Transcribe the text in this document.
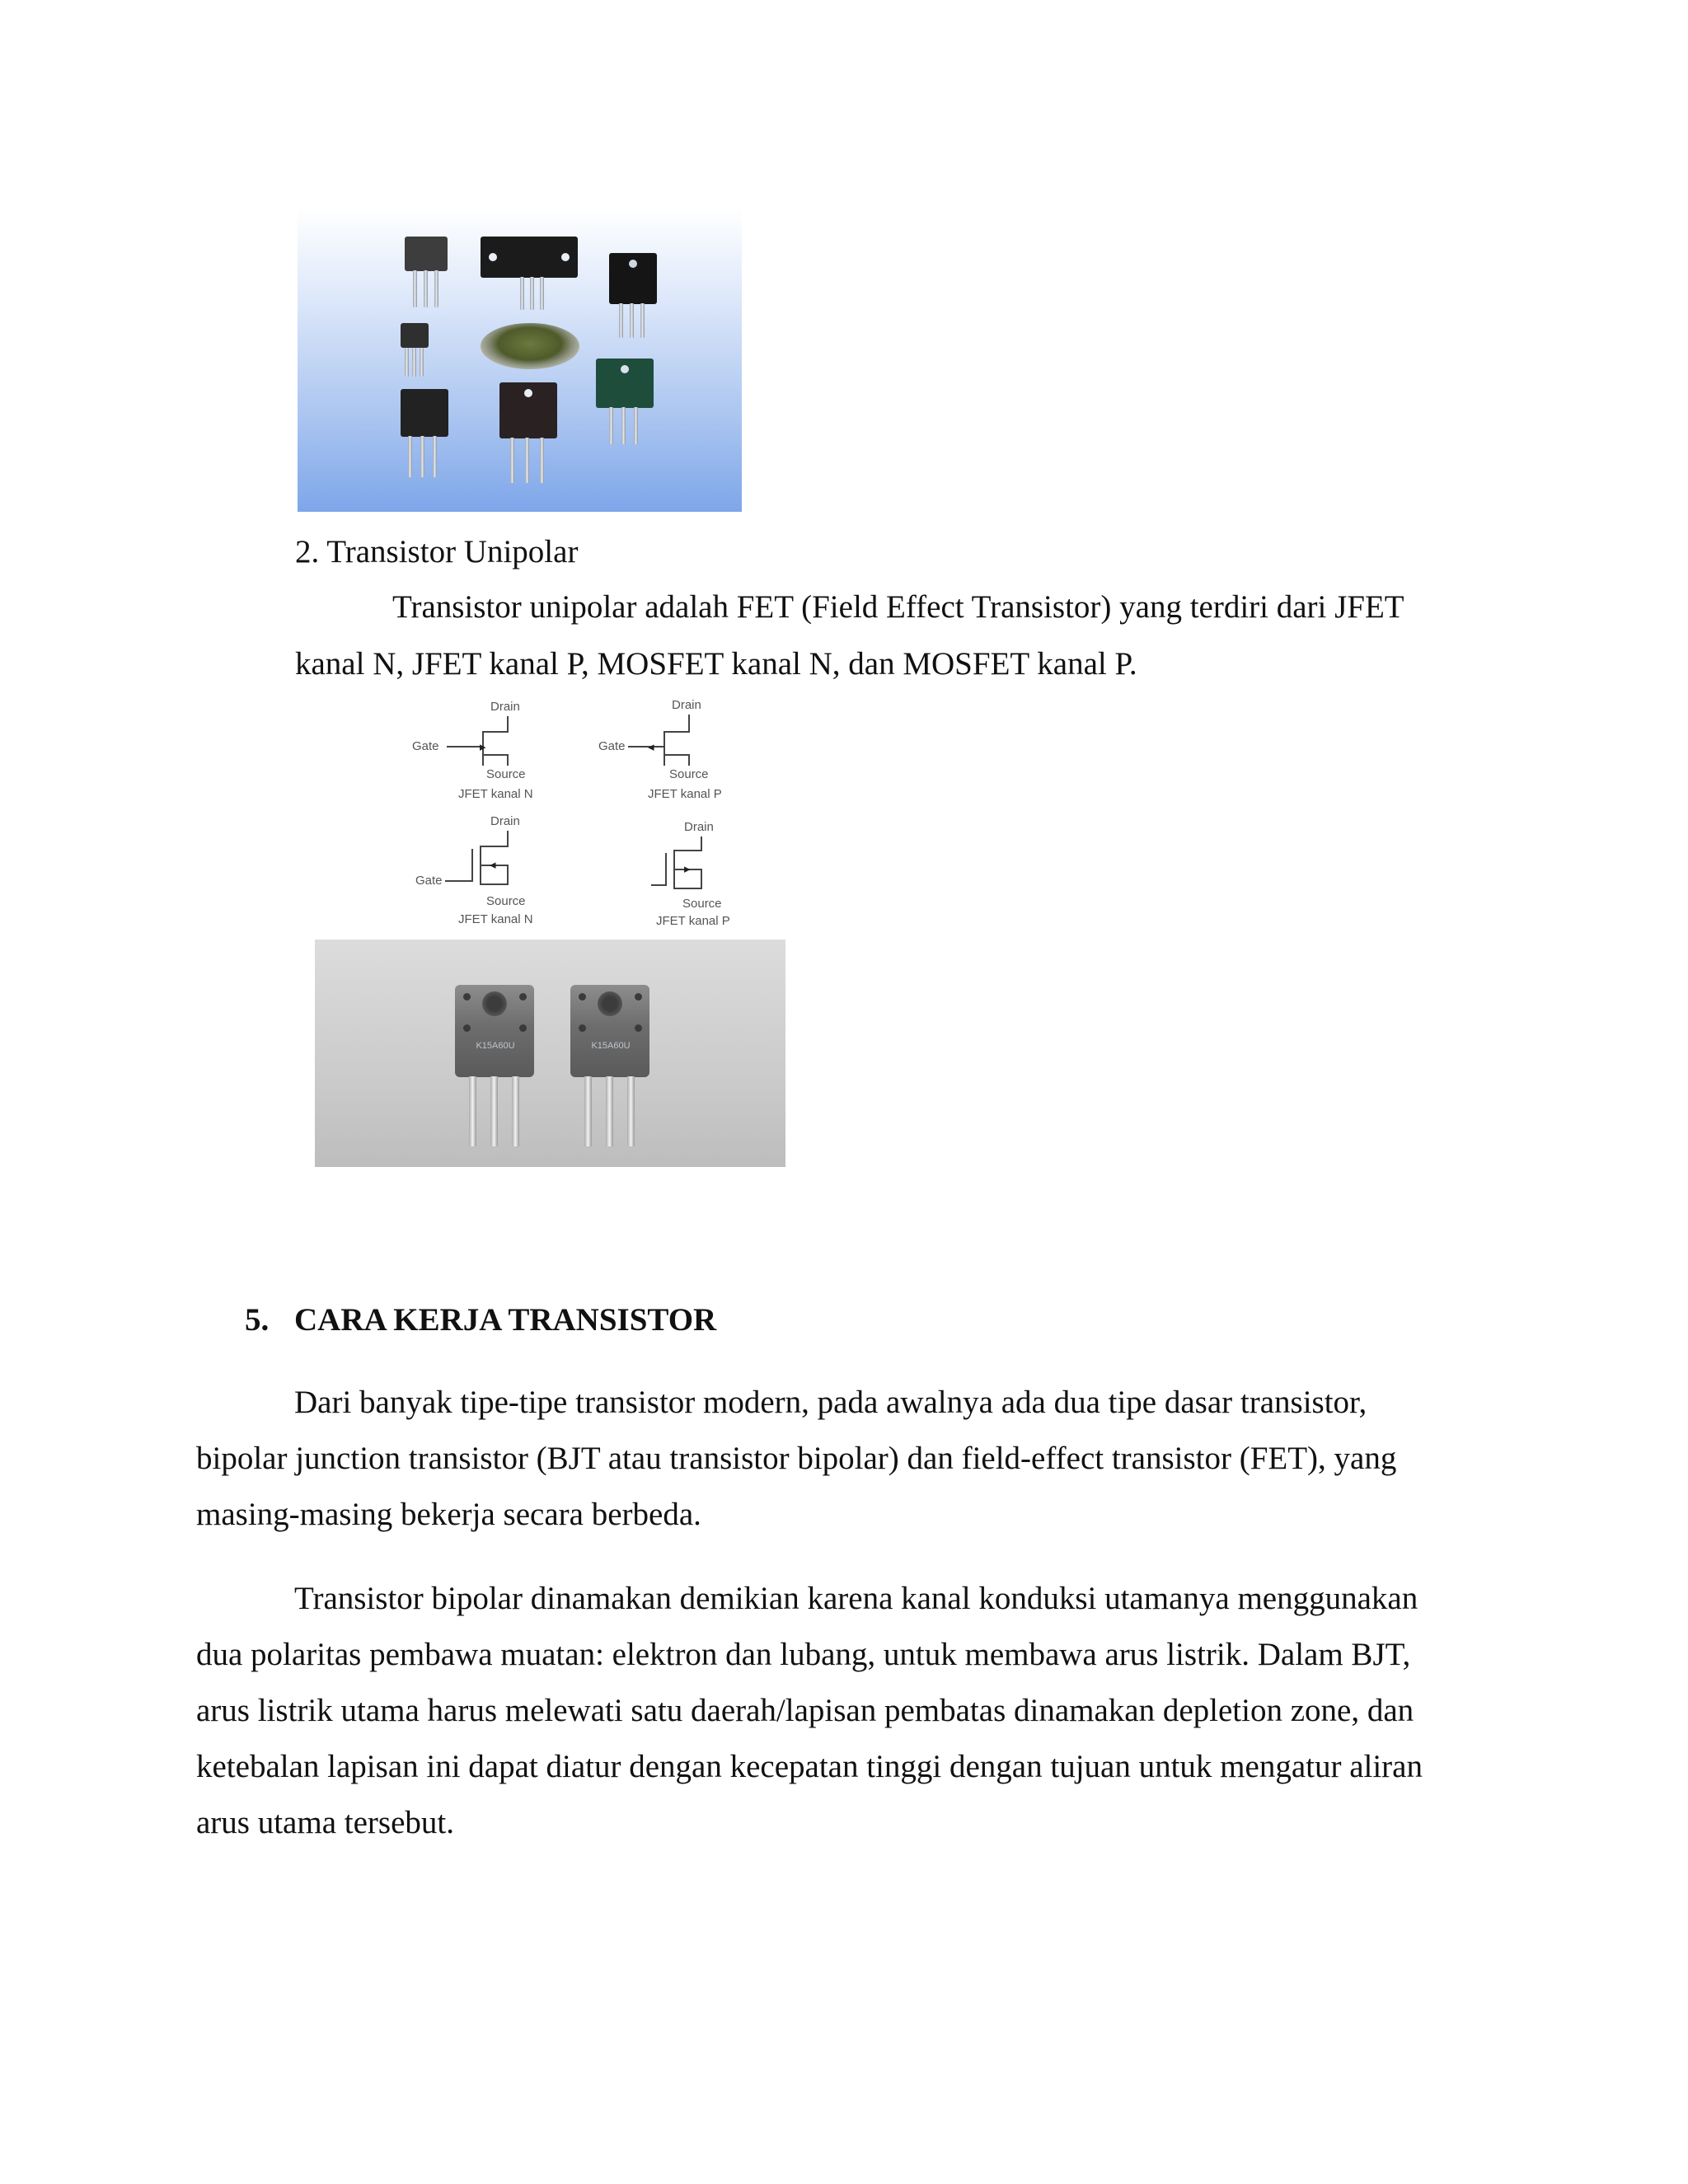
2. Transistor Unipolar
Transistor unipolar adalah FET (Field Effect Transistor) yang terdiri dari JFET
kanal N, JFET kanal P, MOSFET kanal N, dan MOSFET kanal P.
Drain
▸
Gate
Source
JFET kanal N
Drain
◂
Gate
Source
JFET kanal P
Drain
◂
Gate
Source
JFET kanal N
Drain
▸
Source
JFET kanal P
K15A60U	K15A60U
5. CARA KERJA TRANSISTOR
Dari banyak tipe-tipe transistor modern, pada awalnya ada dua tipe dasar transistor,
bipolar junction transistor (BJT atau transistor bipolar) dan field-effect transistor (FET), yang
masing-masing bekerja secara berbeda.
Transistor bipolar dinamakan demikian karena kanal konduksi utamanya menggunakan
dua polaritas pembawa muatan: elektron dan lubang, untuk membawa arus listrik. Dalam BJT,
arus listrik utama harus melewati satu daerah/lapisan pembatas dinamakan depletion zone, dan
ketebalan lapisan ini dapat diatur dengan kecepatan tinggi dengan tujuan untuk mengatur aliran
arus utama tersebut.
